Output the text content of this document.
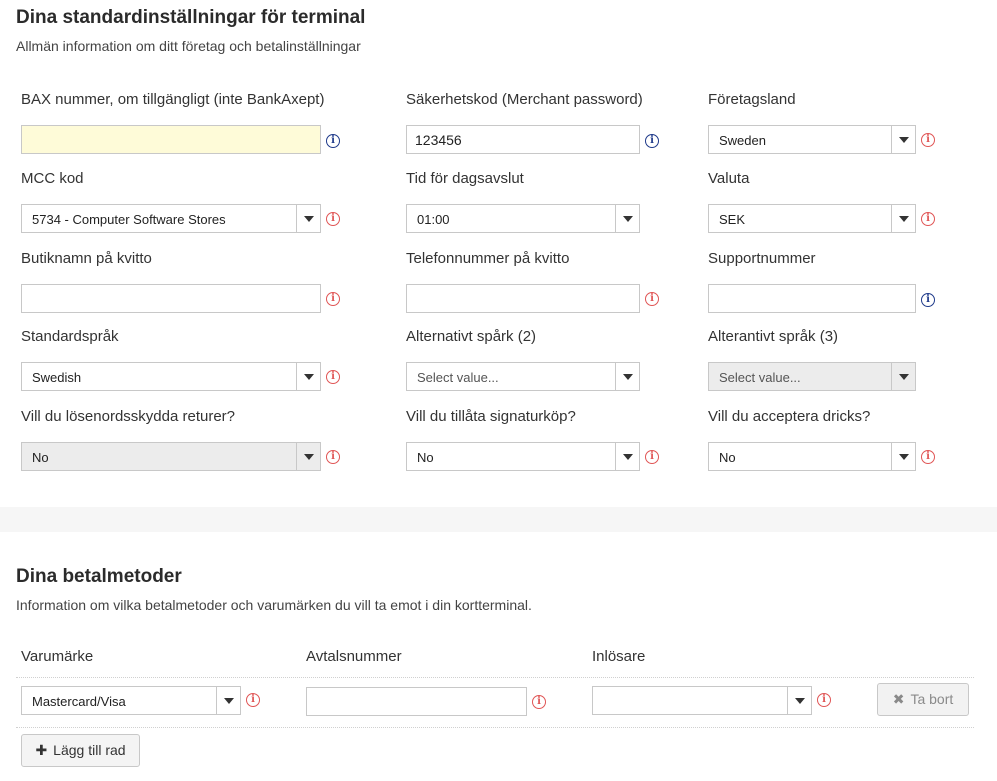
Dina standardinställningar för terminal

Allmän information om ditt företag och betalinställningar

BAX nummer, om tillgängligt (inte BankAxept)
i
Säkerhetskod (Merchant password)
123456	i
Företagsland
Sweden	i
MCC kod
5734 - Computer Software Stores	i
Tid för dagsavslut
01:00
Valuta
SEK	i
Butiknamn på kvitto
i
Telefonnummer på kvitto
i
Supportnummer
i
Standardspråk
Swedish	i
Alternativt spårk (2)
Select value...
Alterantivt språk (3)
Select value...
Vill du lösenordsskydda returer?
No	i
Vill du tillåta signaturköp?
No	i
Vill du acceptera dricks?
No	i
Dina betalmetoder

Information om vilka betalmetoder och varumärken du vill ta emot i din kortterminal.

Varumärke	Avtalsnummer	Inlösare
Mastercard/Visa	i	i	i	✖ Ta bort
✚ Lägg till rad
